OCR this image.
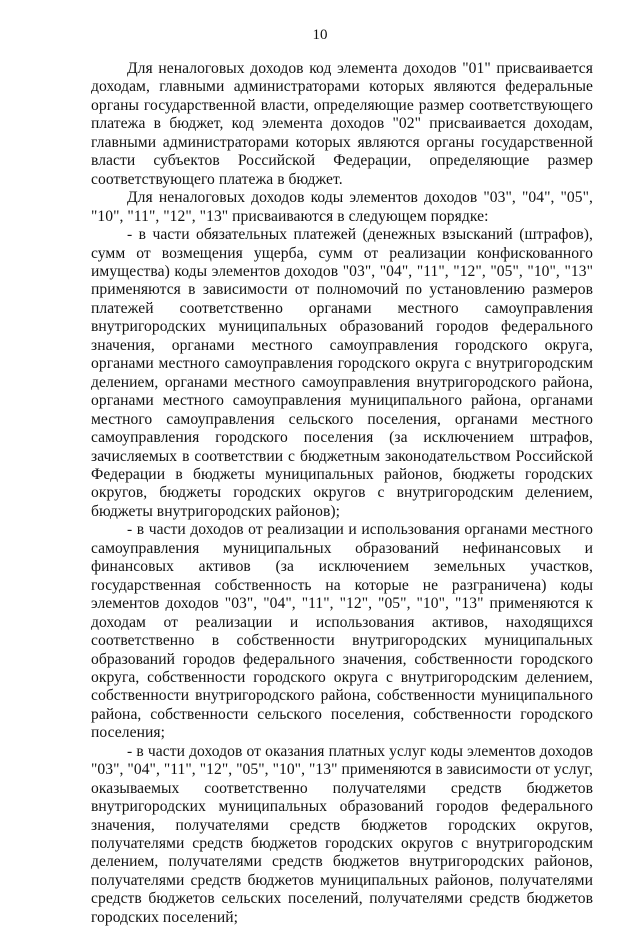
10

Для неналоговых доходов код элемента доходов "01" присваивается доходам, главными администраторами которых являются федеральные органы государственной власти, определяющие размер соответствующего платежа в бюджет, код элемента доходов "02" присваивается доходам, главными администраторами которых являются органы государственной власти субъектов Российской Федерации, определяющие размер соответствующего платежа в бюджет.

Для неналоговых доходов коды элементов доходов "03", "04", "05", "10", "11", "12", "13" присваиваются в следующем порядке:

- в части обязательных платежей (денежных взысканий (штрафов), сумм от возмещения ущерба, сумм от реализации конфискованного имущества) коды элементов доходов "03", "04", "11", "12", "05", "10", "13" применяются в зависимости от полномочий по установлению размеров платежей соответственно органами местного самоуправления внутригородских муниципальных образований городов федерального значения, органами местного самоуправления городского округа, органами местного самоуправления городского округа с внутригородским делением, органами местного самоуправления внутригородского района, органами местного самоуправления муниципального района, органами местного самоуправления сельского поселения, органами местного самоуправления городского поселения (за исключением штрафов, зачисляемых в соответствии с бюджетным законодательством Российской Федерации в бюджеты муниципальных районов, бюджеты городских округов, бюджеты городских округов с внутригородским делением, бюджеты внутригородских районов);

- в части доходов от реализации и использования органами местного самоуправления муниципальных образований нефинансовых и финансовых активов (за исключением земельных участков, государственная собственность на которые не разграничена) коды элементов доходов "03", "04", "11", "12", "05", "10", "13" применяются к доходам от реализации и использования активов, находящихся соответственно в собственности внутригородских муниципальных образований городов федерального значения, собственности городского округа, собственности городского округа с внутригородским делением, собственности внутригородского района, собственности муниципального района, собственности сельского поселения, собственности городского поселения;

- в части доходов от оказания платных услуг коды элементов доходов "03", "04", "11", "12", "05", "10", "13" применяются в зависимости от услуг, оказываемых соответственно получателями средств бюджетов внутригородских муниципальных образований городов федерального значения, получателями средств бюджетов городских округов, получателями средств бюджетов городских округов с внутригородским делением, получателями средств бюджетов внутригородских районов, получателями средств бюджетов муниципальных районов, получателями средств бюджетов сельских поселений, получателями средств бюджетов городских поселений;
